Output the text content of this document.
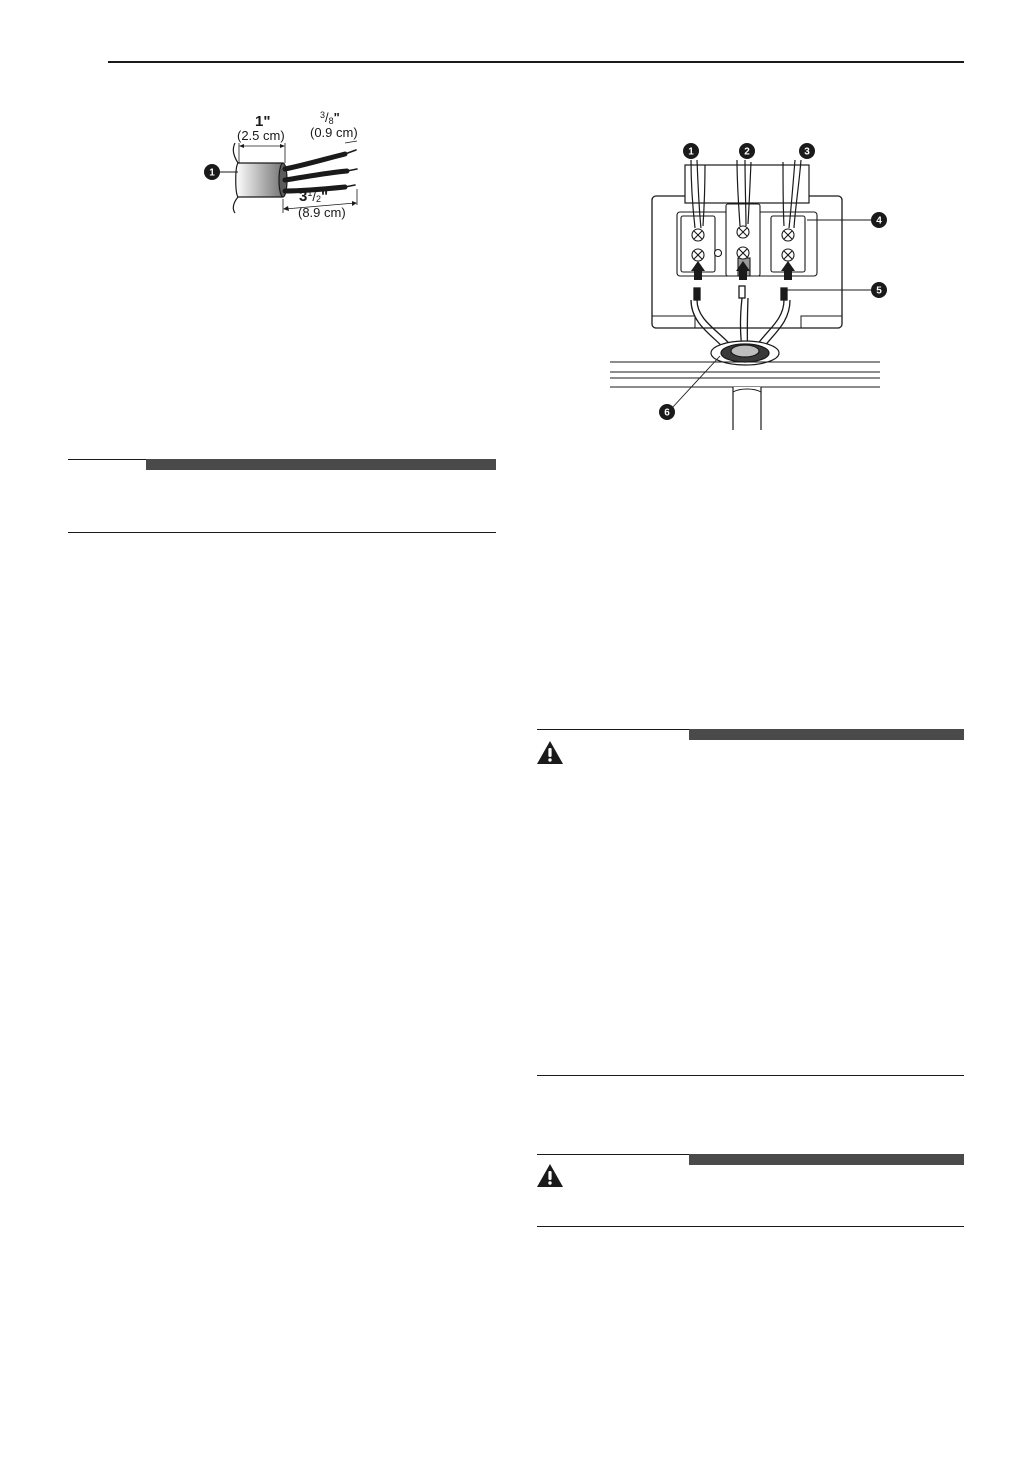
1"
(2.5 cm)
$^3_/$8"
(0.9 cm)
$3^1_/2$"
(8.9 cm)
1
1	2	3
4
5
6
